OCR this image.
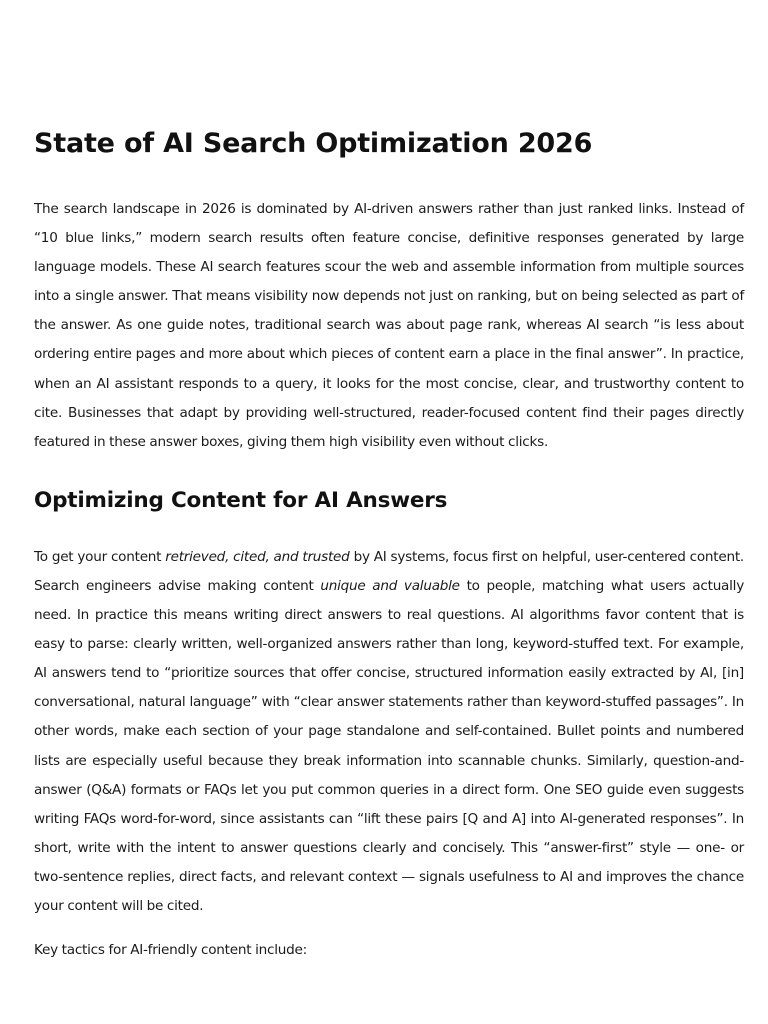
State of AI Search Optimization 2026

The search landscape in 2026 is dominated by AI-driven answers rather than just ranked links. Instead of “10 blue links,” modern search results often feature concise, definitive responses generated by large language models. These AI search features scour the web and assemble information from multiple sources into a single answer. That means visibility now depends not just on ranking, but on being selected as part of the answer. As one guide notes, traditional search was about page rank, whereas AI search “is less about ordering entire pages and more about which pieces of content earn a place in the final answer”. In practice, when an AI assistant responds to a query, it looks for the most concise, clear, and trustworthy content to cite. Businesses that adapt by providing well-structured, reader-focused content find their pages directly featured in these answer boxes, giving them high visibility even without clicks.

Optimizing Content for AI Answers

To get your content retrieved, cited, and trusted by AI systems, focus first on helpful, user-centered content. Search engineers advise making content unique and valuable to people, matching what users actually need. In practice this means writing direct answers to real questions. AI algorithms favor content that is easy to parse: clearly written, well-organized answers rather than long, keyword-stuffed text. For example, AI answers tend to “prioritize sources that offer concise, structured information easily extracted by AI, [in] conversational, natural language” with “clear answer statements rather than keyword-stuffed passages”. In other words, make each section of your page standalone and self-contained. Bullet points and numbered lists are especially useful because they break information into scannable chunks. Similarly, question-and-answer (Q&A) formats or FAQs let you put common queries in a direct form. One SEO guide even suggests writing FAQs word-for-word, since assistants can “lift these pairs [Q and A] into AI-generated responses”. In short, write with the intent to answer questions clearly and concisely. This “answer-first” style — one- or two-sentence replies, direct facts, and relevant context — signals usefulness to AI and improves the chance your content will be cited.

Key tactics for AI-friendly content include:
